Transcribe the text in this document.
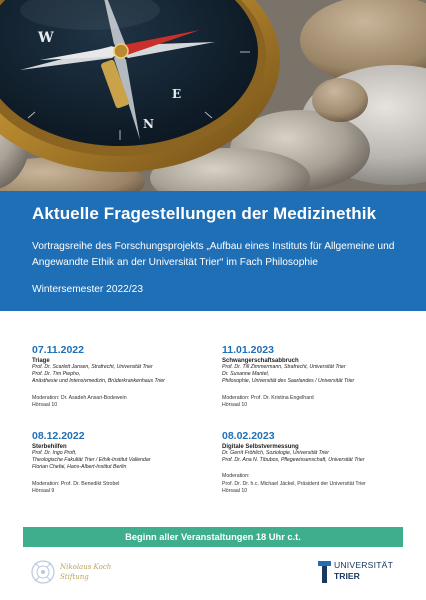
W
N
E
Aktuelle Fragestellungen der Medizinethik
Vortragsreihe des Forschungsprojekts „Aufbau eines Instituts für Allgemeine und Angewandte Ethik an der Universität Trier“ im Fach Philosophie
Wintersemester 2022/23
07.11.2022
Triage
Prof. Dr. Scarlett Jansen, Strafrecht, Universität Trier
Prof. Dr. Tim Piepho,
Anästhesie und Intensivmedizin, Brüderkrankenhaus Trier
Moderation: Dr. Asadeh Ansari-Bodewein
Hörsaal 10
11.01.2023
Schwangerschaftsabbruch
Prof. Dr. Till Zimmermann, Strafrecht, Universität Trier
Dr. Susanne Mantel,
Philosophie, Universität des Saarlandes / Universität Trier
Moderation: Prof. Dr. Kristina Engelhard
Hörsaal 10
08.12.2022
Sterbehilfen
Prof. Dr. Ingo Proft,
Theologische Fakultät Trier / Ethik-Institut Vallendar
Florian Chefai, Hans-Albert-Institut Berlin
Moderation: Prof. Dr. Benedikt Strobel
Hörsaal 9
08.02.2023
Digitale Selbstvermessung
Dr. Gerrit Fröhlich, Soziologie, Universität Trier
Prof. Dr. Ana N. Tibubos, Pflegewissenschaft, Universität Trier
Moderation:
Prof. Dr. Dr. h.c. Michael Jäckel, Präsident der Universität Trier
Hörsaal 10
Beginn aller Veranstaltungen 18 Uhr c.t.
Nikolaus Koch
Stiftung
UNIVERSITÄT
TRIER
